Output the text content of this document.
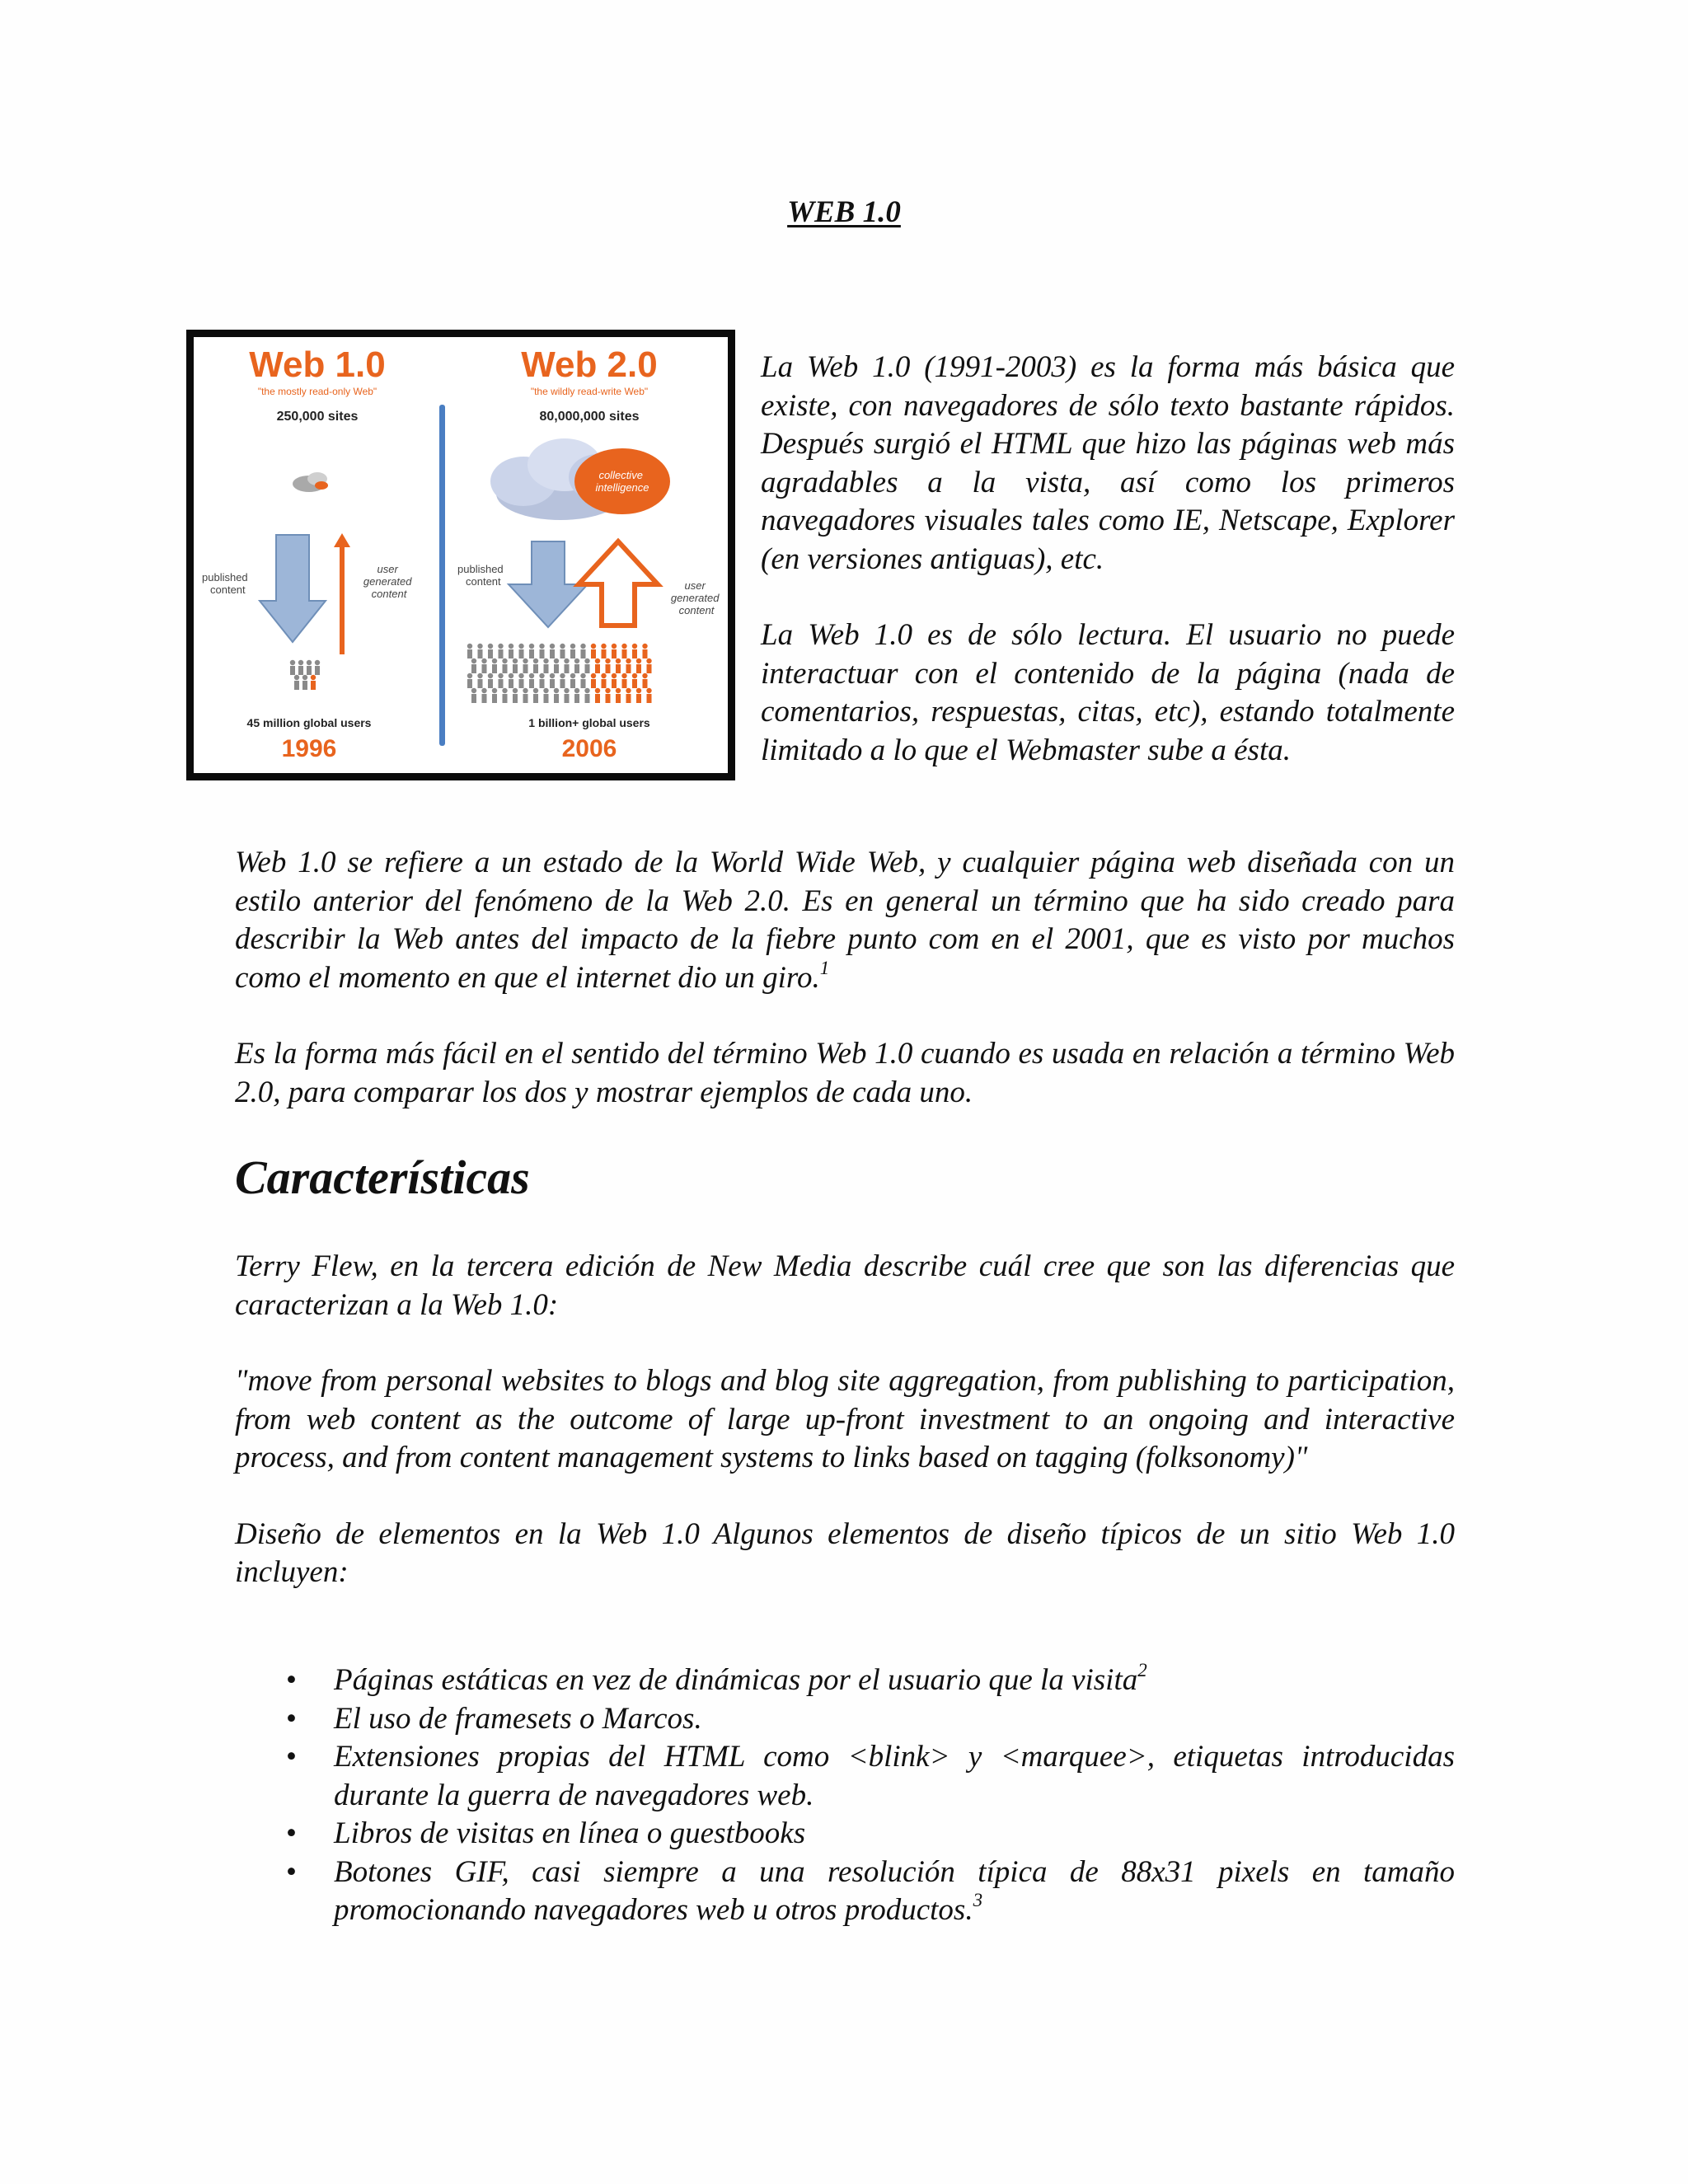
WEB 1.0
Web 1.0
"the mostly read-only Web"
250,000 sites
published content
user generated content
45 million global users
1996
Web 2.0
"the wildly read-write Web"
80,000,000 sites
collective intelligence
published content	user generated content
1 billion+ global users
2006

La Web 1.0 (1991-2003) es la forma más básica que existe, con navegadores de sólo texto bastante rápidos. Después surgió el HTML que hizo las páginas web más agradables a la vista, así como los primeros navegadores visuales tales como IE, Netscape, Explorer (en versiones antiguas), etc.

La Web 1.0 es de sólo lectura. El usuario no puede interactuar con el contenido de la página (nada de comentarios, respuestas, citas, etc), estando totalmente limitado a lo que el Webmaster sube a ésta.

Web 1.0 se refiere a un estado de la World Wide Web, y cualquier página web diseñada con un estilo anterior del fenómeno de la Web 2.0. Es en general un término que ha sido creado para describir la Web antes del impacto de la fiebre punto com en el 2001, que es visto por muchos como el momento en que el internet dio un giro.$^1$

Es la forma más fácil en el sentido del término Web 1.0 cuando es usada en relación a término Web 2.0, para comparar los dos y mostrar ejemplos de cada uno.

Características

Terry Flew, en la tercera edición de New Media describe cuál cree que son las diferencias que caracterizan a la Web 1.0:

"move from personal websites to blogs and blog site aggregation, from publishing to participation, from web content as the outcome of large up-front investment to an ongoing and interactive process, and from content management systems to links based on tagging (folksonomy)"

Diseño de elementos en la Web 1.0 Algunos elementos de diseño típicos de un sitio Web 1.0 incluyen:

• Páginas estáticas en vez de dinámicas por el usuario que la visita$^2$
• El uso de framesets o Marcos.
• Extensiones propias del HTML como <blink> y <marquee>, etiquetas introducidas durante la guerra de navegadores web.
• Libros de visitas en línea o guestbooks
• Botones GIF, casi siempre a una resolución típica de 88x31 pixels en tamaño promocionando navegadores web u otros productos.$^3$
